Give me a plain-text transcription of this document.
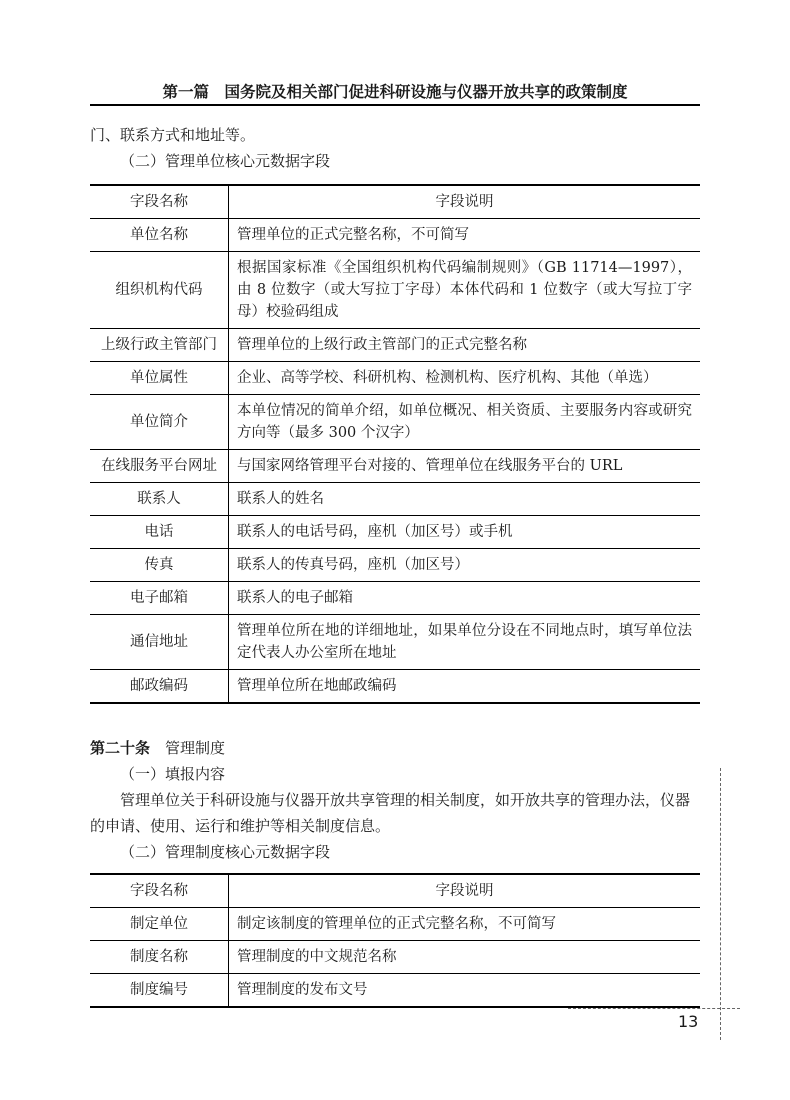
第一篇　国务院及相关部门促进科研设施与仪器开放共享的政策制度
门、联系方式和地址等。
（二）管理单位核心元数据字段
字段名称	字段说明
单位名称	管理单位的正式完整名称，不可简写
组织机构代码	根据国家标准《全国组织机构代码编制规则》（GB 11714—1997），由 8 位数字（或大写拉丁字母）本体代码和 1 位数字（或大写拉丁字母）校验码组成
上级行政主管部门	管理单位的上级行政主管部门的正式完整名称
单位属性	企业、高等学校、科研机构、检测机构、医疗机构、其他（单选）
单位简介	本单位情况的简单介绍，如单位概况、相关资质、主要服务内容或研究方向等（最多 300 个汉字）
在线服务平台网址	与国家网络管理平台对接的、管理单位在线服务平台的 URL
联系人	联系人的姓名
电话	联系人的电话号码，座机（加区号）或手机
传真	联系人的传真号码，座机（加区号）
电子邮箱	联系人的电子邮箱
通信地址	管理单位所在地的详细地址，如果单位分设在不同地点时，填写单位法定代表人办公室所在地址
邮政编码	管理单位所在地邮政编码
第二十条　 管理制度
（一）填报内容
管理单位关于科研设施与仪器开放共享管理的相关制度，如开放共享的管理办法，仪器的申请、使用、运行和维护等相关制度信息。
（二）管理制度核心元数据字段
字段名称	字段说明
制定单位	制定该制度的管理单位的正式完整名称，不可简写
制度名称	管理制度的中文规范名称
制度编号	管理制度的发布文号
13
